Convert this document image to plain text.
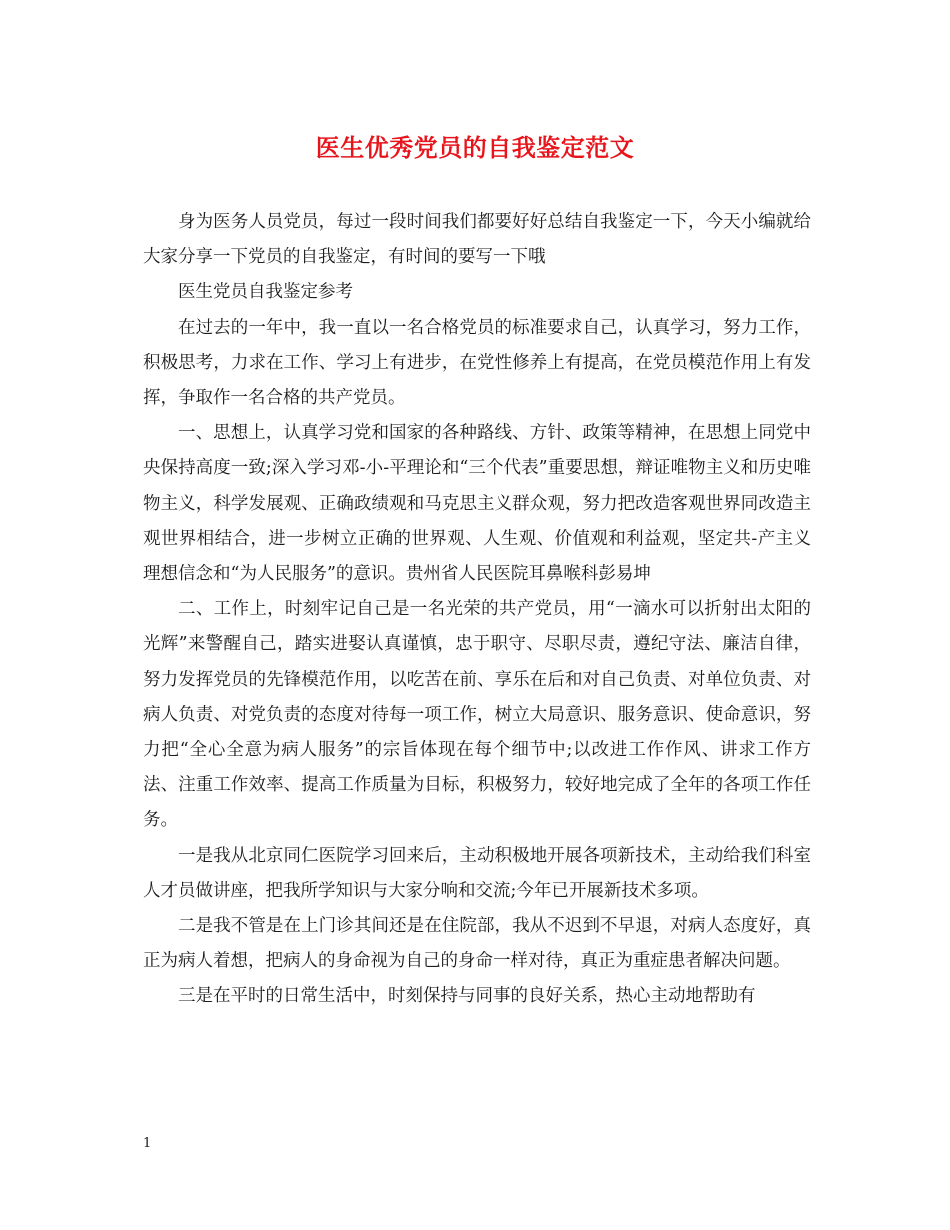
医生优秀党员的自我鉴定范文

身为医务人员党员，每过一段时间我们都要好好总结自我鉴定一下，今天小编就给大家分享一下党员的自我鉴定，有时间的要写一下哦

医生党员自我鉴定参考

在过去的一年中，我一直以一名合格党员的标准要求自己，认真学习，努力工作，积极思考，力求在工作、学习上有进步，在党性修养上有提高，在党员模范作用上有发挥，争取作一名合格的共产党员。

一、思想上，认真学习党和国家的各种路线、方针、政策等精神，在思想上同党中央保持高度一致;深入学习邓-小-平理论和“三个代表”重要思想，辩证唯物主义和历史唯物主义，科学发展观、正确政绩观和马克思主义群众观，努力把改造客观世界同改造主观世界相结合，进一步树立正确的世界观、人生观、价值观和利益观，坚定共-产主义理想信念和“为人民服务”的意识。贵州省人民医院耳鼻喉科彭易坤

二、工作上，时刻牢记自己是一名光荣的共产党员，用“一滴水可以折射出太阳的光辉”来警醒自己，踏实进娶认真谨慎，忠于职守、尽职尽责，遵纪守法、廉洁自律，努力发挥党员的先锋模范作用，以吃苦在前、享乐在后和对自己负责、对单位负责、对病人负责、对党负责的态度对待每一项工作，树立大局意识、服务意识、使命意识，努力把“全心全意为病人服务”的宗旨体现在每个细节中;以改进工作作风、讲求工作方法、注重工作效率、提高工作质量为目标，积极努力，较好地完成了全年的各项工作任务。

一是我从北京同仁医院学习回来后，主动积极地开展各项新技术，主动给我们科室人才员做讲座，把我所学知识与大家分响和交流;今年已开展新技术多项。

二是我不管是在上门诊其间还是在住院部，我从不迟到不早退，对病人态度好，真正为病人着想，把病人的身命视为自己的身命一样对待，真正为重症患者解决问题。

三是在平时的日常生活中，时刻保持与同事的良好关系，热心主动地帮助有

1
